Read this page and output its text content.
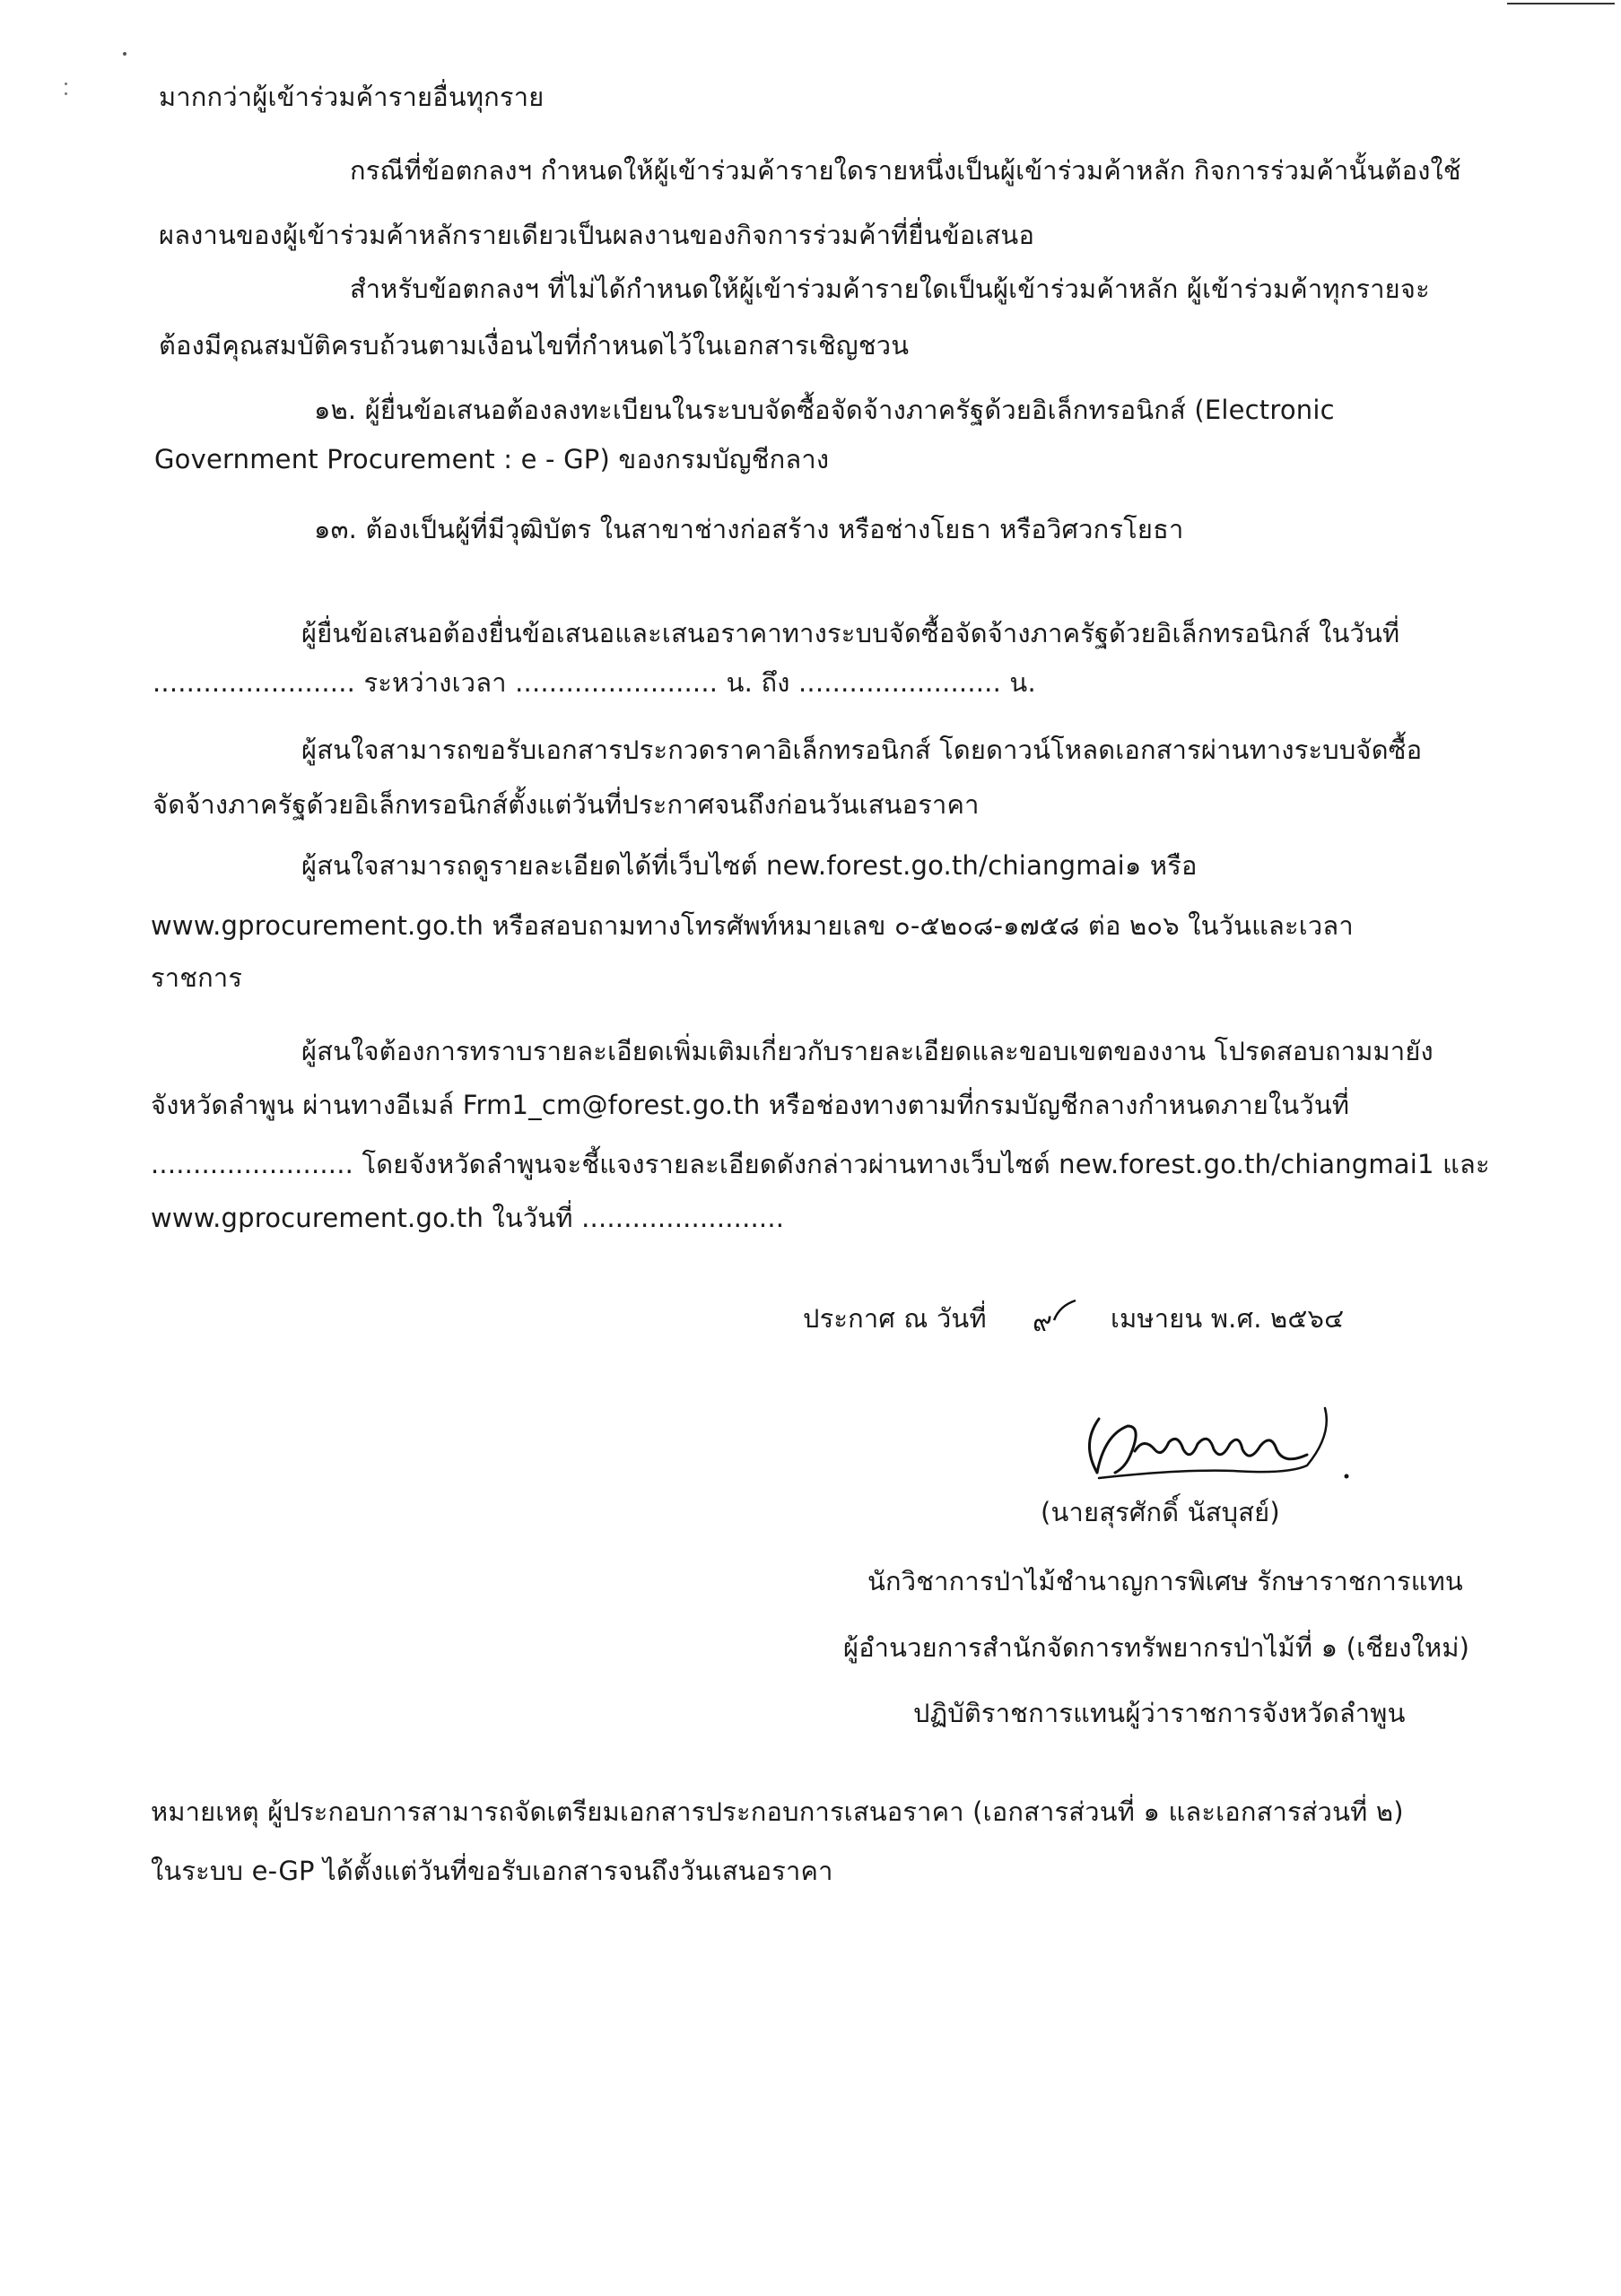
มากกว่าผู้เข้าร่วมค้ารายอื่นทุกราย
กรณีที่ข้อตกลงฯ กำหนดให้ผู้เข้าร่วมค้ารายใดรายหนึ่งเป็นผู้เข้าร่วมค้าหลัก กิจการร่วมค้านั้นต้องใช้
ผลงานของผู้เข้าร่วมค้าหลักรายเดียวเป็นผลงานของกิจการร่วมค้าที่ยื่นข้อเสนอ
สำหรับข้อตกลงฯ ที่ไม่ได้กำหนดให้ผู้เข้าร่วมค้ารายใดเป็นผู้เข้าร่วมค้าหลัก ผู้เข้าร่วมค้าทุกรายจะ
ต้องมีคุณสมบัติครบถ้วนตามเงื่อนไขที่กำหนดไว้ในเอกสารเชิญชวน
๑๒. ผู้ยื่นข้อเสนอต้องลงทะเบียนในระบบจัดซื้อจัดจ้างภาครัฐด้วยอิเล็กทรอนิกส์ (Electronic
Government Procurement : e - GP) ของกรมบัญชีกลาง
๑๓. ต้องเป็นผู้ที่มีวุฒิบัตร ในสาขาช่างก่อสร้าง หรือช่างโยธา หรือวิศวกรโยธา
ผู้ยื่นข้อเสนอต้องยื่นข้อเสนอและเสนอราคาทางระบบจัดซื้อจัดจ้างภาครัฐด้วยอิเล็กทรอนิกส์ ในวันที่
........................ ระหว่างเวลา ........................ น. ถึง ........................ น.
ผู้สนใจสามารถขอรับเอกสารประกวดราคาอิเล็กทรอนิกส์ โดยดาวน์โหลดเอกสารผ่านทางระบบจัดซื้อ
จัดจ้างภาครัฐด้วยอิเล็กทรอนิกส์ตั้งแต่วันที่ประกาศจนถึงก่อนวันเสนอราคา
ผู้สนใจสามารถดูรายละเอียดได้ที่เว็บไซต์ new.forest.go.th/chiangmai๑ หรือ
www.gprocurement.go.th หรือสอบถามทางโทรศัพท์หมายเลข ๐-๕๒๐๘-๑๗๕๘ ต่อ ๒๐๖ ในวันและเวลา
ราชการ
ผู้สนใจต้องการทราบรายละเอียดเพิ่มเติมเกี่ยวกับรายละเอียดและขอบเขตของงาน โปรดสอบถามมายัง
จังหวัดลำพูน ผ่านทางอีเมล์ Frm1_cm@forest.go.th หรือช่องทางตามที่กรมบัญชีกลางกำหนดภายในวันที่
........................ โดยจังหวัดลำพูนจะชี้แจงรายละเอียดดังกล่าวผ่านทางเว็บไซต์ new.forest.go.th/chiangmai1 และ
www.gprocurement.go.th ในวันที่ ........................
ประกาศ ณ วันที่ ๙ เมษายน พ.ศ. ๒๕๖๔
(นายสุรศักดิ์ นัสบุสย์)
นักวิชาการป่าไม้ชำนาญการพิเศษ รักษาราชการแทน
ผู้อำนวยการสำนักจัดการทรัพยากรป่าไม้ที่ ๑ (เชียงใหม่)
ปฏิบัติราชการแทนผู้ว่าราชการจังหวัดลำพูน
หมายเหตุ ผู้ประกอบการสามารถจัดเตรียมเอกสารประกอบการเสนอราคา (เอกสารส่วนที่ ๑ และเอกสารส่วนที่ ๒)
ในระบบ e-GP ได้ตั้งแต่วันที่ขอรับเอกสารจนถึงวันเสนอราคา
